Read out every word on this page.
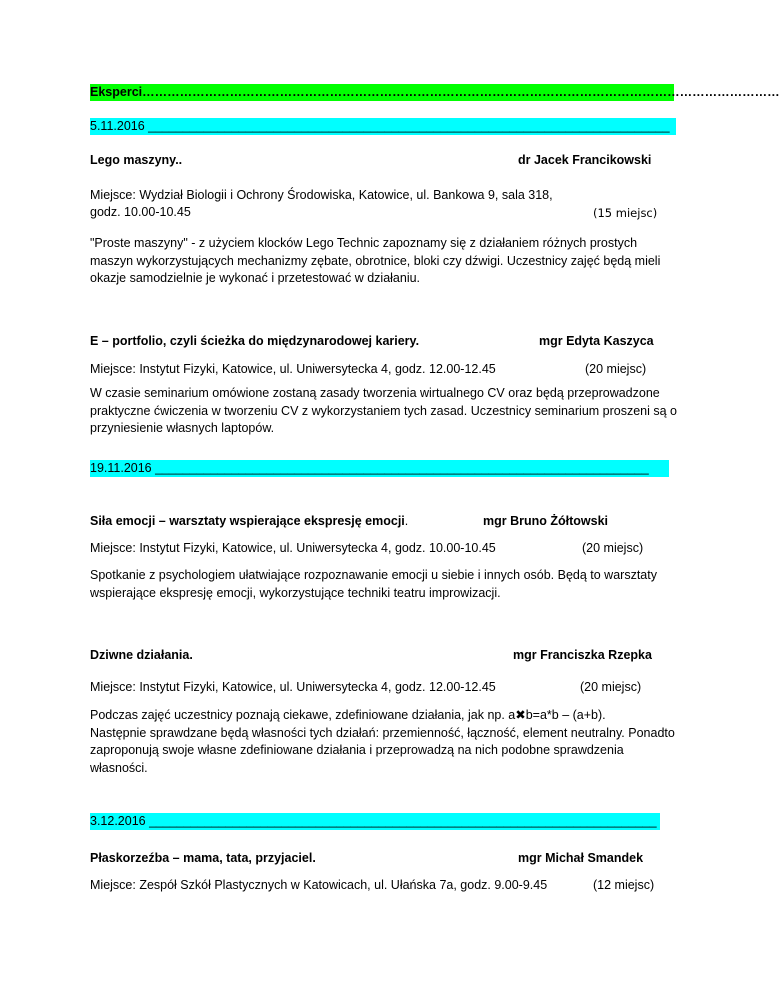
Eksperci………………………………………………………………………………………………………………………………………
5.11.2016 ___________________________________________________________________________
Lego maszyny..	dr Jacek Francikowski
Miejsce: Wydział Biologii i Ochrony Środowiska, Katowice, ul. Bankowa 9, sala 318,
godz. 10.00-10.45	(15 miejsc)

"Proste maszyny" - z użyciem klocków Lego Technic zapoznamy się z działaniem różnych prostych maszyn wykorzystujących mechanizmy zębate, obrotnice, bloki czy dźwigi. Uczestnicy zajęć będą mieli okazje samodzielnie je wykonać i przetestować w działaniu.

E – portfolio, czyli ścieżka do międzynarodowej kariery.	mgr Edyta Kaszyca
Miejsce: Instytut Fizyki, Katowice, ul. Uniwersytecka 4, godz. 12.00-12.45	(20 miejsc)

W czasie seminarium omówione zostaną zasady tworzenia wirtualnego CV oraz będą przeprowadzone praktyczne ćwiczenia w tworzeniu CV z wykorzystaniem tych zasad. Uczestnicy seminarium proszeni są o przyniesienie własnych laptopów.

19.11.2016 _______________________________________________________________________
Siła emocji – warsztaty wspierające ekspresję emocji.	mgr Bruno Żółtowski
Miejsce: Instytut Fizyki, Katowice, ul. Uniwersytecka 4, godz. 10.00-10.45	(20 miejsc)

Spotkanie z psychologiem ułatwiające rozpoznawanie emocji u siebie i innych osób. Będą to warsztaty wspierające ekspresję emocji, wykorzystujące techniki teatru improwizacji.

Dziwne działania.	mgr Franciszka Rzepka
Miejsce: Instytut Fizyki, Katowice, ul. Uniwersytecka 4, godz. 12.00-12.45	(20 miejsc)

Podczas zajęć uczestnicy poznają ciekawe, zdefiniowane działania, jak np. a✖b=a*b – (a+b).

Następnie sprawdzane będą własności tych działań: przemienność, łączność, element neutralny. Ponadto zaproponują swoje własne zdefiniowane działania i przeprowadzą na nich podobne sprawdzenia własności.

3.12.2016 _________________________________________________________________________
Płaskorzeźba – mama, tata, przyjaciel.	mgr Michał Smandek
Miejsce: Zespół Szkół Plastycznych w Katowicach, ul. Ułańska 7a, godz. 9.00-9.45	(12 miejsc)
